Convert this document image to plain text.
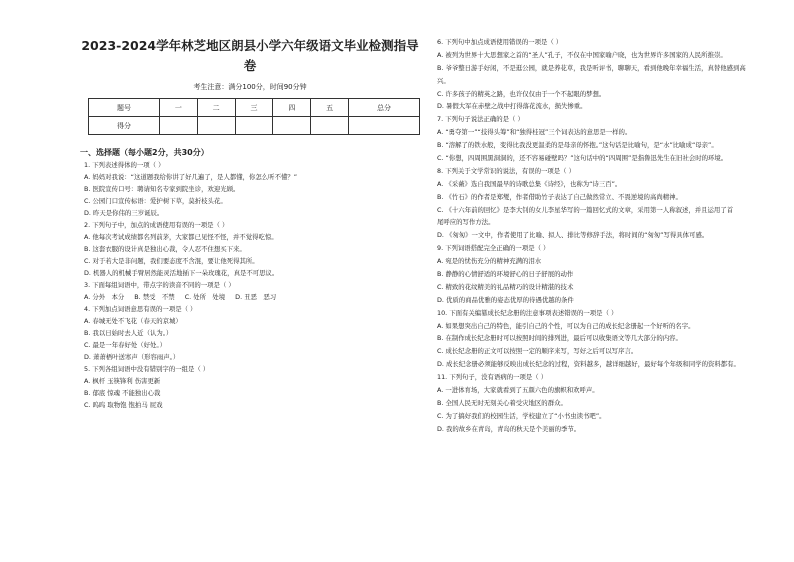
2023-2024学年林芝地区朗县小学六年级语文毕业检测指导
卷
考生注意：满分100分，时间90分钟
题号	一	二	三	四	五	总分
得分						
一、选择题（每小题2分，共30分）
1. 下列表述得体的一项（ ）
A. 妈妈对我说：“这道题我给你讲了好几遍了，是人都懂，你怎么听不懂？”
B. 医院宣传口号：聘请知名专家到院坐诊，欢迎光顾。
C. 公园门口宣传标语：爱护树下草，莫折枝头花。
D. 昨天是你伟的三岁诞辰。
2. 下列句子中，加点的成语使用有误的一项是（ ）
A. 他每次考试成绩都名列前茅，大家都已见怪不怪，并不觉得吃惊。
B. 这套衣服的设计真是独出心裁，令人忍不住想买下来。
C. 对于若大是非问题，我们要态度不含混，要让他死得其所。
D. 机器人的机械手臂居然能灵活地插下一朵玫瑰花，真是不可思议。
3. 下面每组词语中，带点字的读音不同的一项是（ ）
A. 分外　本分 B. 禁受　不禁 C. 处所　处境 D. 丑恶　恶习
4. 下列加点词语意思有误的一项是（ ）
A. 春城无处不飞花（春天的京城）
B. 我以日始时去人近（认为。）
C. 最是一年春好处（好处。）
D. 萧萧梧叶送寒声（形容雨声。）
5. 下列各组词语中没有错别字的一组是（ ）
A. 枫杆 玉筷锋利 伤害更新
B. 郁底 惊魂 不能独出心裁
C. 呜呜 取物饱 饱拍马 屁戏
6. 下列句中加点成语使用错误的一项是（ ）
A. 被列为世界十大思想家之首的“圣人”孔子，不仅在中国家喻户晓，也为世界许多国家的人民所推崇。
B. 爷爷整日游手好闲，不是逛公园，就是养花草，我是听评书，聊聊天，看到他晚年幸福生活，真替他感到高
兴。
C. 许多孩子的精英之路，也许仅仅由于一个不起眼的梦想。
D. 暑假大军在赤壁之战中打得落花流水，损失惨重。
7. 下列句子说法正确的是（ ）
A. “勇夺第一”“技得头筹”和“独得桂冠”三个词表达的意思是一样的。
B. “溶解了的铁水般，变得比我没更温柔的是母亲的怀抱。”这句话是比喻句，是“水”比喻成“母亲”。
C. “你想，四周围黑洞洞的，还不容易碰壁吗？”这句话中的“四周围”是指鲁迅先生在旧社会时的环境。
8. 下列关于文学常识的说法，有误的一项是（ ）
A. 《采薇》选自我国最早的诗歌总集《诗经》，也称为“诗三百”。
B. 《竹石》的作者是郑燮，作者借助竹子表达了自己做然常立、不畏逆境的高尚精神。
C. 《十六年前的回忆》是李大钊的女儿李星华写的一篇回忆式的文章，采用第一人称叙述，并且运用了首
尾呼应的写作方法。
D. 《匆匆》一文中，作者使用了比喻、拟人、排比等修辞手法，将时间的“匆匆”写得具体可感。
9. 下列词语搭配完全正确的一项是（ ）
A. 宛是的忧伤充分的精神充满的泪水
B. 静静的心情舒适的环境舒心的日子舒展的动作
C. 精致的花纹精美的礼品精巧的设计精湛的技术
D. 优质的商品优雅的姿态优厚的待遇优越的条件
10. 下面有关编纂成长纪念册的注意事项表述错误的一项是（ ）
A. 如果想突出自己的特色，能引自己的个性，可以为自己的成长纪念册起一个好听的名字。
B. 在制作成长纪念册时可以按照时间的排列进，最后可以收集语文等几大部分的内容。
C. 成长纪念册的正文可以按照一定的顺序来写，写好之后可以写序言。
D. 成长纪念册必须能够反映出成长纪念的过程，资料越多，越详细越好，最好每个年级和同学的资料都有。
11. 下列句子，没有语病的一项是（ ）
A. 一进体育场，大家就看到了五颜六色的旗帜和欢呼声。
B. 全国人民无时无刻关心着受灾地区的群众。
C. 为了搞好我们的校园生活，学校建立了“小书虫读书吧”。
D. 我的故乡在青岛，青岛的秋天是个美丽的季节。
